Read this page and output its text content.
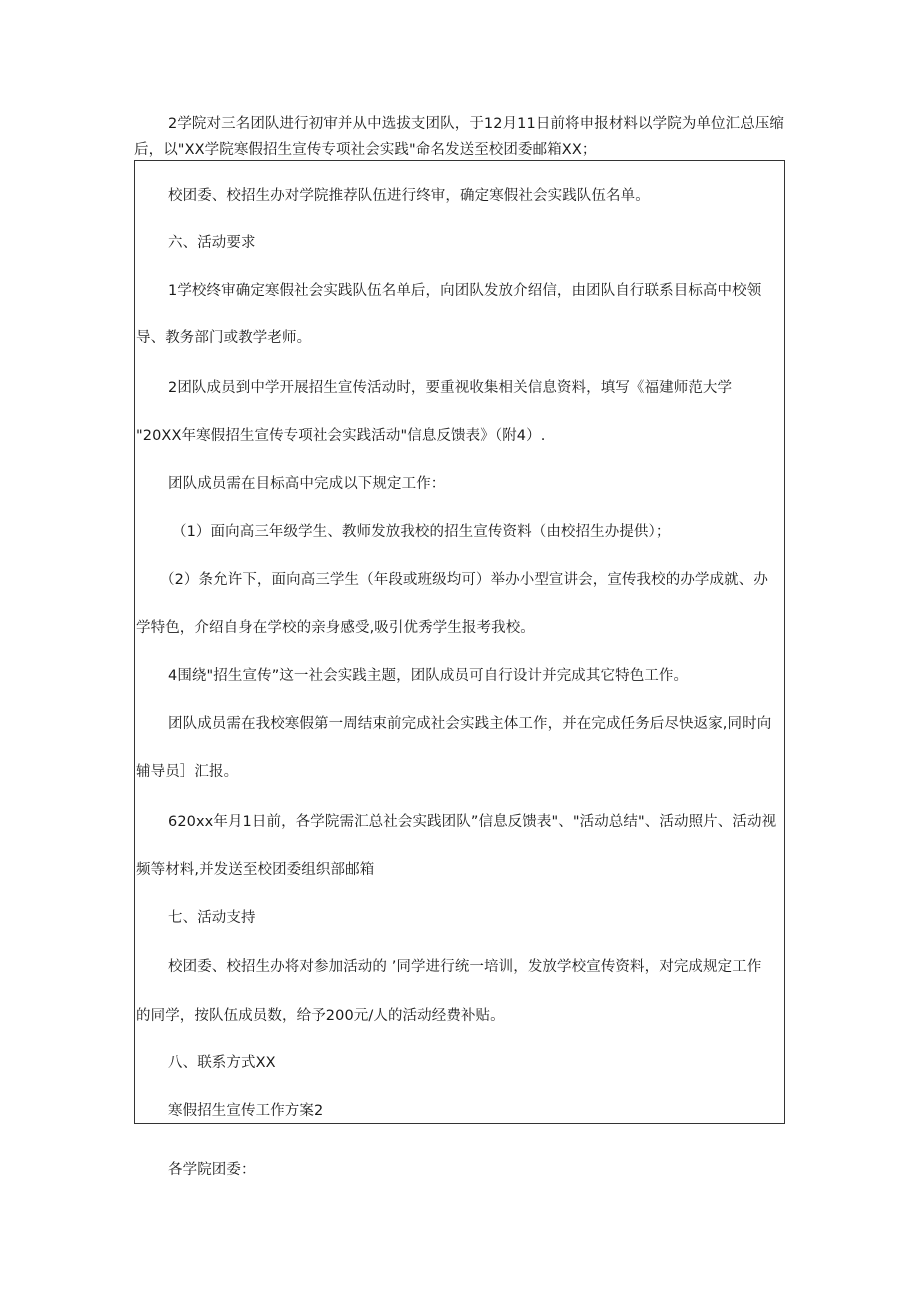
2学院对三名团队进行初审并从中选拔支团队，于12月11日前将申报材料以学院为单位汇总压缩
后，以"XX学院寒假招生宣传专项社会实践"命名发送至校团委邮箱XX；
校团委、校招生办对学院推荐队伍进行终审，确定寒假社会实践队伍名单。
六、活动要求
1学校终审确定寒假社会实践队伍名单后，向团队发放介绍信，由团队自行联系目标高中校领
导、教务部门或教学老师。
2团队成员到中学开展招生宣传活动时，要重视收集相关信息资料，填写《福建师范大学
"20XX年寒假招生宣传专项社会实践活动"信息反馈表》（附4）.
团队成员需在目标高中完成以下规定工作：
（1）面向高三年级学生、教师发放我校的招生宣传资料（由校招生办提供）；
（2）条允许下，面向高三学生（年段或班级均可）举办小型宣讲会，宣传我校的办学成就、办
学特色，介绍自身在学校的亲身感受,吸引优秀学生报考我校。
4围绕"招生宣传”这一社会实践主题，团队成员可自行设计并完成其它特色工作。
团队成员需在我校寒假第一周结束前完成社会实践主体工作，并在完成任务后尽快返家,同时向
辅导员］汇报。
620xx年月1日前，各学院需汇总社会实践团队”信息反馈表"、"活动总结"、活动照片、活动视
频等材料,并发送至校团委组织部邮箱
七、活动支持
校团委、校招生办将对参加活动的 ’同学进行统一培训，发放学校宣传资料，对完成规定工作
的同学，按队伍成员数，给予200元/人的活动经费补贴。
八、联系方式XX
寒假招生宣传工作方案2
各学院团委：
